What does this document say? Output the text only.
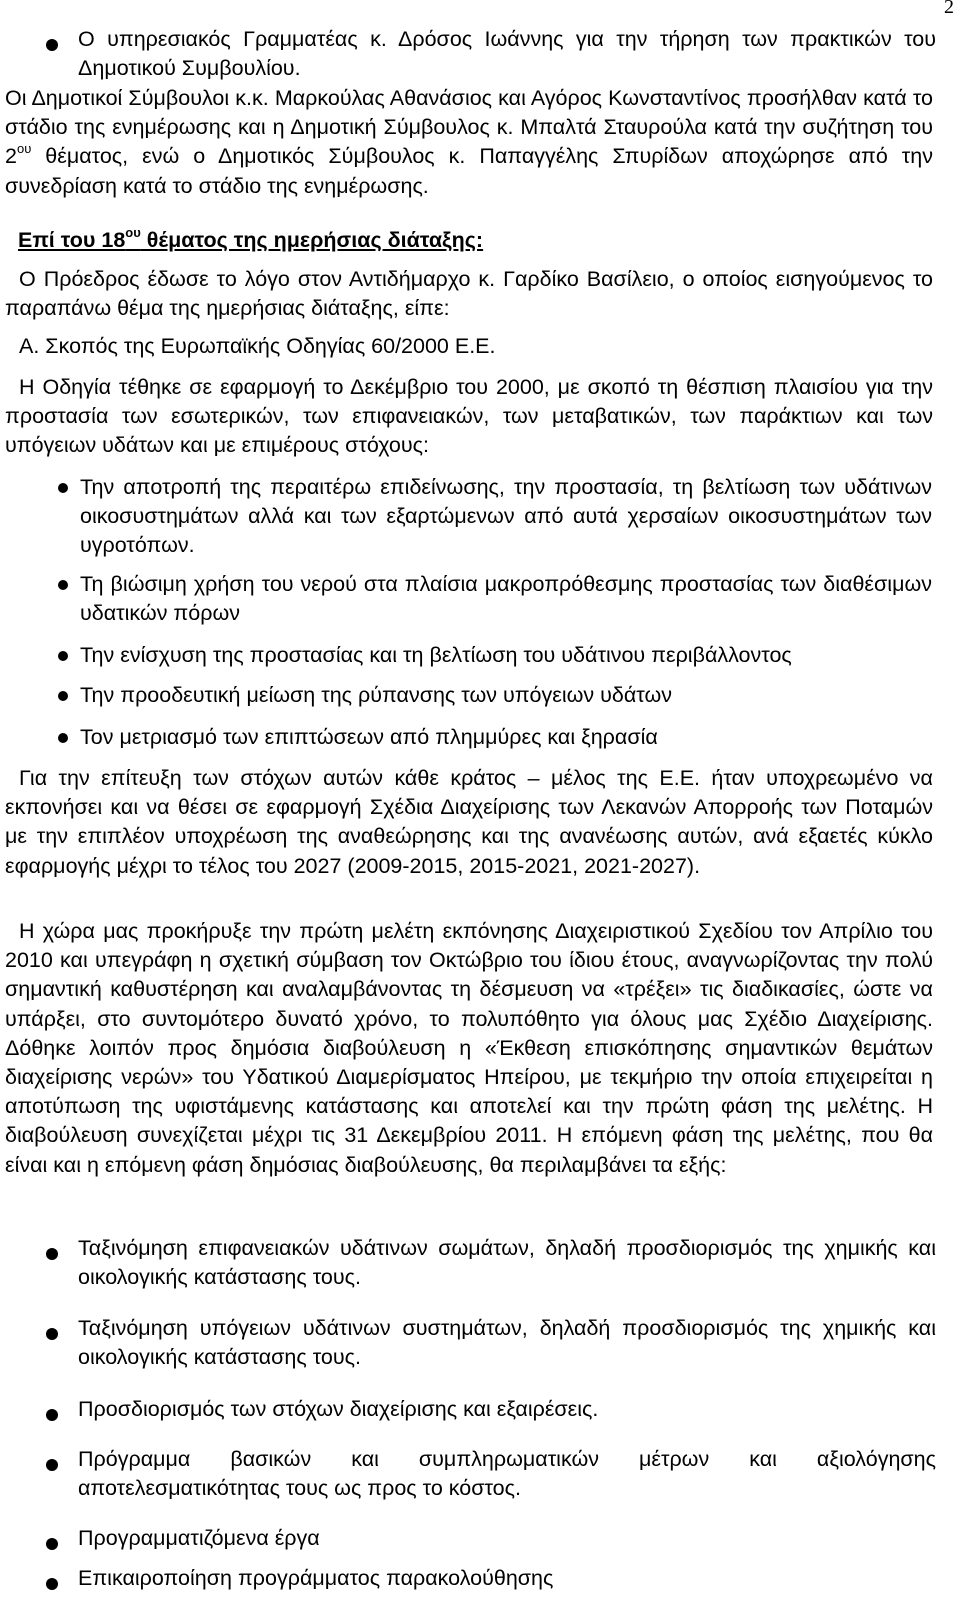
2

Ο υπηρεσιακός Γραμματέας κ. Δρόσος Ιωάννης για την τήρηση των πρακτικών του Δημοτικού Συμβουλίου.

Οι Δημοτικοί Σύμβουλοι κ.κ. Μαρκούλας Αθανάσιος και Αγόρος Κωνσταντίνος προσήλθαν κατά το στάδιο της ενημέρωσης και η Δημοτική Σύμβουλος κ. Μπαλτά Σταυρούλα κατά την συζήτηση του $2^{o\upsilon}$ θέματος, ενώ ο Δημοτικός Σύμβουλος κ. Παπαγγέλης Σπυρίδων αποχώρησε από την συνεδρίαση κατά το στάδιο της ενημέρωσης.

Επί του $18^{o\upsilon}$ θέματος της ημερήσιας διάταξης:

Ο Πρόεδρος έδωσε το λόγο στον Αντιδήμαρχο κ. Γαρδίκο Βασίλειο, ο οποίος εισηγούμενος το παραπάνω θέμα της ημερήσιας διάταξης, είπε:

Α. Σκοπός της Ευρωπαϊκής Οδηγίας 60/2000 Ε.Ε.

Η Οδηγία τέθηκε σε εφαρμογή το Δεκέμβριο του 2000, με σκοπό τη θέσπιση πλαισίου για την προστασία των εσωτερικών, των επιφανειακών, των μεταβατικών, των παράκτιων και των υπόγειων υδάτων και με επιμέρους στόχους:

Την αποτροπή της περαιτέρω επιδείνωσης, την προστασία, τη βελτίωση των υδάτινων οικοσυστημάτων αλλά και των εξαρτώμενων από αυτά χερσαίων οικοσυστημάτων των υγροτόπων.

Τη βιώσιμη χρήση του νερού στα πλαίσια μακροπρόθεσμης προστασίας των διαθέσιμων υδατικών πόρων

Την ενίσχυση της προστασίας και τη βελτίωση του υδάτινου περιβάλλοντος

Την προοδευτική μείωση της ρύπανσης των υπόγειων υδάτων

Τον μετριασμό των επιπτώσεων από πλημμύρες και ξηρασία

Για την επίτευξη των στόχων αυτών κάθε κράτος – μέλος της Ε.Ε. ήταν υποχρεωμένο να εκπονήσει και να θέσει σε εφαρμογή Σχέδια Διαχείρισης των Λεκανών Απορροής των Ποταμών με την επιπλέον υποχρέωση της αναθεώρησης και της ανανέωσης αυτών, ανά εξαετές κύκλο εφαρμογής μέχρι το τέλος του 2027 (2009-2015, 2015-2021, 2021-2027).

Η χώρα μας προκήρυξε την πρώτη μελέτη εκπόνησης Διαχειριστικού Σχεδίου τον Απρίλιο του 2010 και υπεγράφη η σχετική σύμβαση τον Οκτώβριο του ίδιου έτους, αναγνωρίζοντας την πολύ σημαντική καθυστέρηση και αναλαμβάνοντας τη δέσμευση να «τρέξει» τις διαδικασίες, ώστε να υπάρξει, στο συντομότερο δυνατό χρόνο, το πολυπόθητο για όλους μας Σχέδιο Διαχείρισης. Δόθηκε λοιπόν προς δημόσια διαβούλευση η «Έκθεση επισκόπησης σημαντικών θεμάτων διαχείρισης νερών» του Υδατικού Διαμερίσματος Ηπείρου, με τεκμήριο την οποία επιχειρείται η αποτύπωση της υφιστάμενης κατάστασης και αποτελεί και την πρώτη φάση της μελέτης. Η διαβούλευση συνεχίζεται μέχρι τις 31 Δεκεμβρίου 2011. Η επόμενη φάση της μελέτης, που θα είναι και η επόμενη φάση δημόσιας διαβούλευσης, θα περιλαμβάνει τα εξής:

Ταξινόμηση επιφανειακών υδάτινων σωμάτων, δηλαδή προσδιορισμός της χημικής και οικολογικής κατάστασης τους.

Ταξινόμηση υπόγειων υδάτινων συστημάτων, δηλαδή προσδιορισμός της χημικής και οικολογικής κατάστασης τους.

Προσδιορισμός των στόχων διαχείρισης και εξαιρέσεις.

Πρόγραμμα βασικών και συμπληρωματικών μέτρων και αξιολόγησης αποτελεσματικότητας τους ως προς το κόστος.

Προγραμματιζόμενα έργα

Επικαιροποίηση προγράμματος παρακολούθησης
